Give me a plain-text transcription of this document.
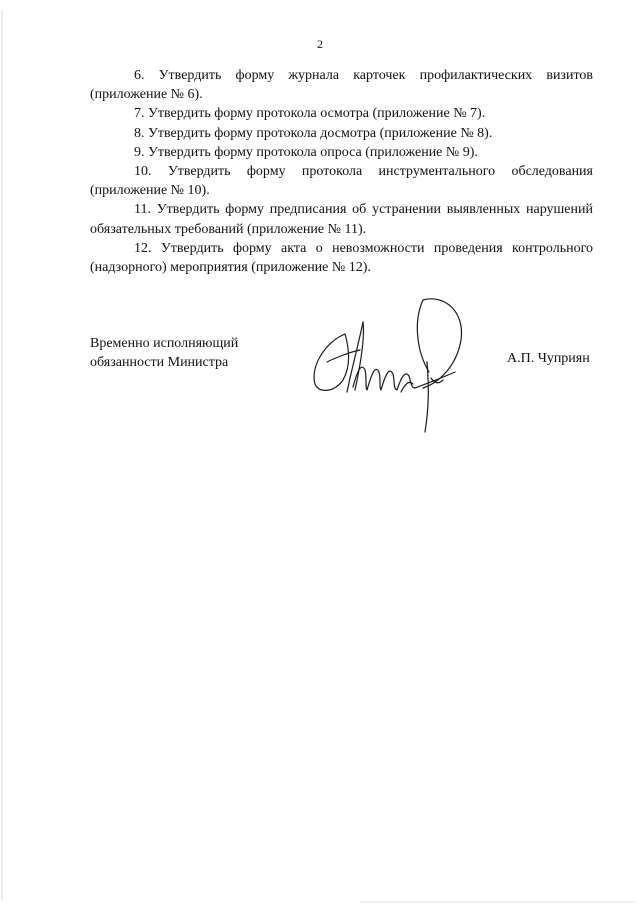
2

6. Утвердить форму журнала карточек профилактических визитов (приложение № 6).

7. Утвердить форму протокола осмотра (приложение № 7).

8. Утвердить форму протокола досмотра (приложение № 8).

9. Утвердить форму протокола опроса (приложение № 9).

10. Утвердить форму протокола инструментального обследования (приложение № 10).

11. Утвердить форму предписания об устранении выявленных нарушений обязательных требований (приложение № 11).

12. Утвердить форму акта о невозможности проведения контрольного (надзорного) мероприятия (приложение № 12).

Временно исполняющий
обязанности Министра	А.П. Чуприян
